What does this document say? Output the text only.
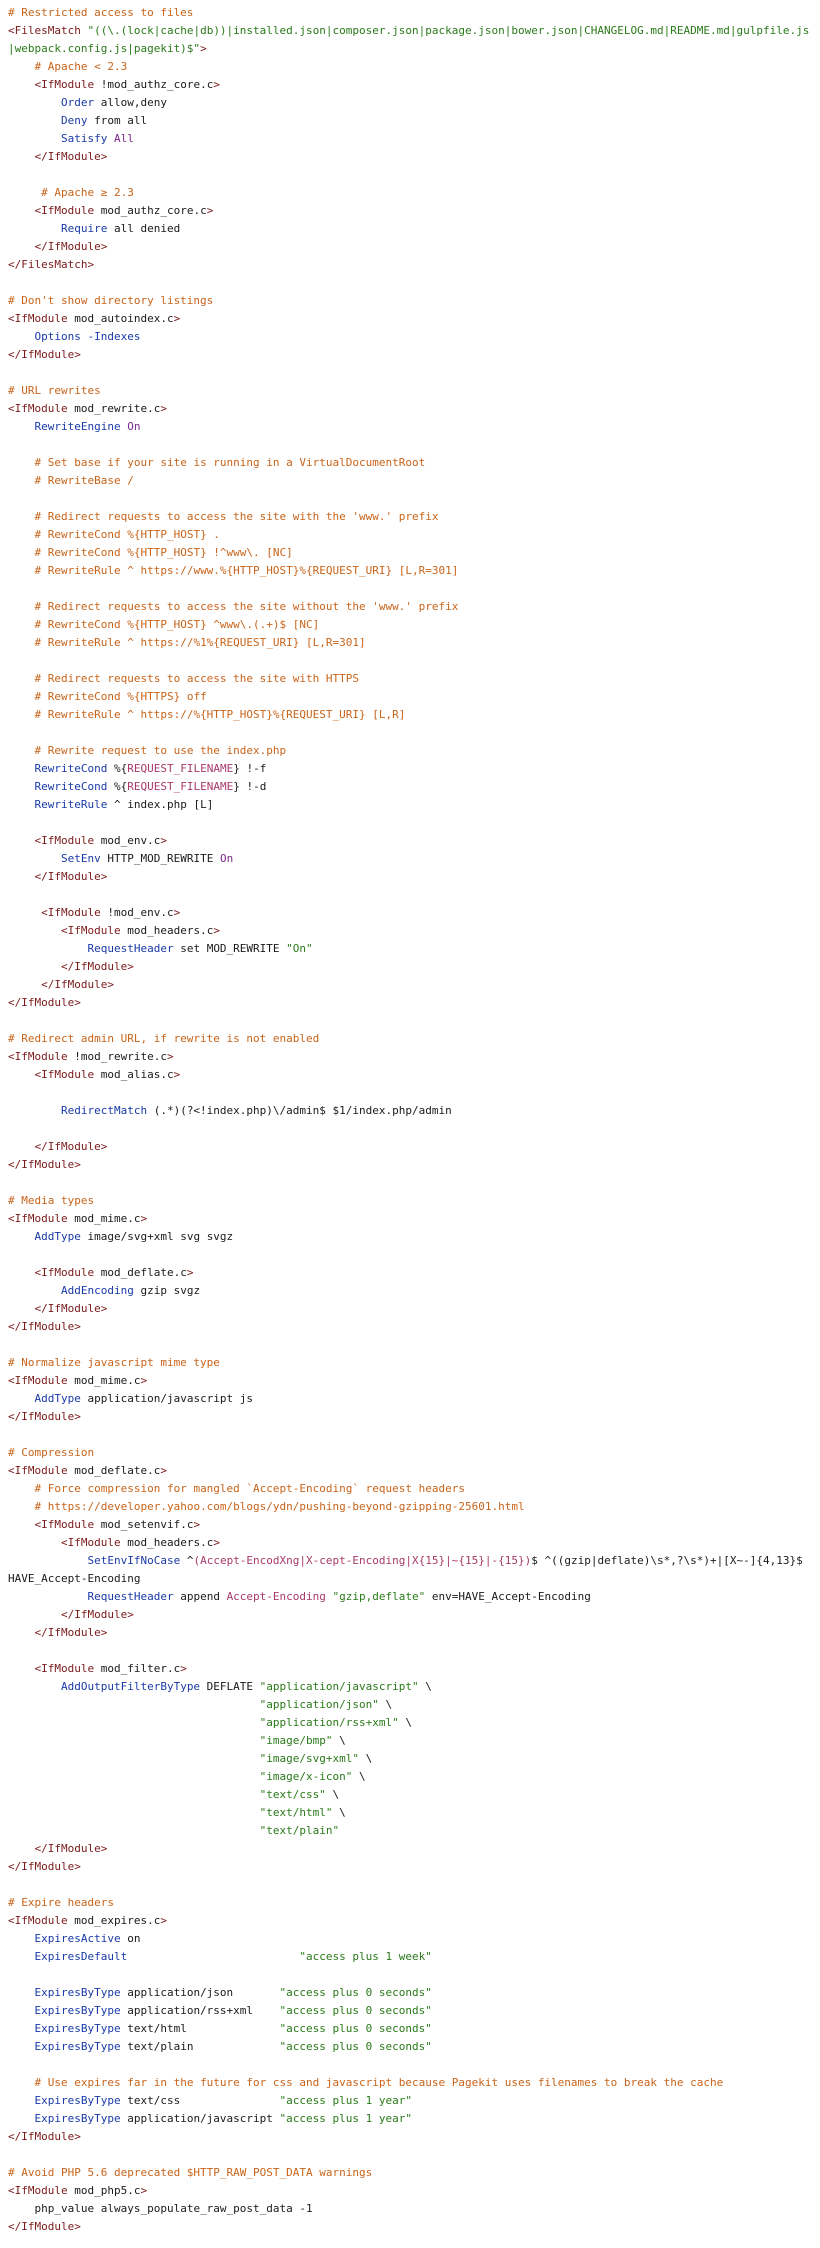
# Restricted access to files
<FilesMatch "((\.(lock|cache|db))|installed.json|composer.json|package.json|bower.json|CHANGELOG.md|README.md|gulpfile.js|webpack.config.js|pagekit)$">
# Apache < 2.3
<IfModule !mod_authz_core.c>
Order allow,deny
Deny from all
Satisfy All
</IfModule>
# Apache ≥ 2.3
<IfModule mod_authz_core.c>
Require all denied
</IfModule>
</FilesMatch>
# Don't show directory listings
<IfModule mod_autoindex.c>
Options -Indexes
</IfModule>
# URL rewrites
<IfModule mod_rewrite.c>
RewriteEngine On
# Set base if your site is running in a VirtualDocumentRoot
# RewriteBase /
# Redirect requests to access the site with the 'www.' prefix
# RewriteCond %{HTTP_HOST} .
# RewriteCond %{HTTP_HOST} !^www\. [NC]
# RewriteRule ^ https://www.%{HTTP_HOST}%{REQUEST_URI} [L,R=301]
# Redirect requests to access the site without the 'www.' prefix
# RewriteCond %{HTTP_HOST} ^www\.(.+)$ [NC]
# RewriteRule ^ https://%1%{REQUEST_URI} [L,R=301]
# Redirect requests to access the site with HTTPS
# RewriteCond %{HTTPS} off
# RewriteRule ^ https://%{HTTP_HOST}%{REQUEST_URI} [L,R]
# Rewrite request to use the index.php
RewriteCond %{REQUEST_FILENAME} !-f
RewriteCond %{REQUEST_FILENAME} !-d
RewriteRule ^ index.php [L]
<IfModule mod_env.c>
SetEnv HTTP_MOD_REWRITE On
</IfModule>
<IfModule !mod_env.c>
<IfModule mod_headers.c>
RequestHeader set MOD_REWRITE "On"
</IfModule>
</IfModule>
</IfModule>
# Redirect admin URL, if rewrite is not enabled
<IfModule !mod_rewrite.c>
<IfModule mod_alias.c>
RedirectMatch (.*)(?<!index.php)\/admin$ $1/index.php/admin
</IfModule>
</IfModule>
# Media types
<IfModule mod_mime.c>
AddType image/svg+xml svg svgz
<IfModule mod_deflate.c>
AddEncoding gzip svgz
</IfModule>
</IfModule>
# Normalize javascript mime type
<IfModule mod_mime.c>
AddType application/javascript js
</IfModule>
# Compression
<IfModule mod_deflate.c>
# Force compression for mangled `Accept-Encoding` request headers
# https://developer.yahoo.com/blogs/ydn/pushing-beyond-gzipping-25601.html
<IfModule mod_setenvif.c>
<IfModule mod_headers.c>
SetEnvIfNoCase ^(Accept-EncodXng|X-cept-Encoding|X{15}|~{15}|-{15})$ ^((gzip|deflate)\s*,?\s*)+|[X~-]{4,13}$ HAVE_Accept-Encoding
RequestHeader append Accept-Encoding "gzip,deflate" env=HAVE_Accept-Encoding
</IfModule>
</IfModule>
<IfModule mod_filter.c>
AddOutputFilterByType DEFLATE "application/javascript" \
"application/json" \
"application/rss+xml" \
"image/bmp" \
"image/svg+xml" \
"image/x-icon" \
"text/css" \
"text/html" \
"text/plain"
</IfModule>
</IfModule>
# Expire headers
<IfModule mod_expires.c>
ExpiresActive on
ExpiresDefault	"access plus 1 week"
ExpiresByType application/json       "access plus 0 seconds"
ExpiresByType application/rss+xml    "access plus 0 seconds"
ExpiresByType text/html              "access plus 0 seconds"
ExpiresByType text/plain             "access plus 0 seconds"
# Use expires far in the future for css and javascript because Pagekit uses filenames to break the cache
ExpiresByType text/css               "access plus 1 year"
ExpiresByType application/javascript "access plus 1 year"
</IfModule>
# Avoid PHP 5.6 deprecated $HTTP_RAW_POST_DATA warnings
<IfModule mod_php5.c>
php_value always_populate_raw_post_data -1
</IfModule>
